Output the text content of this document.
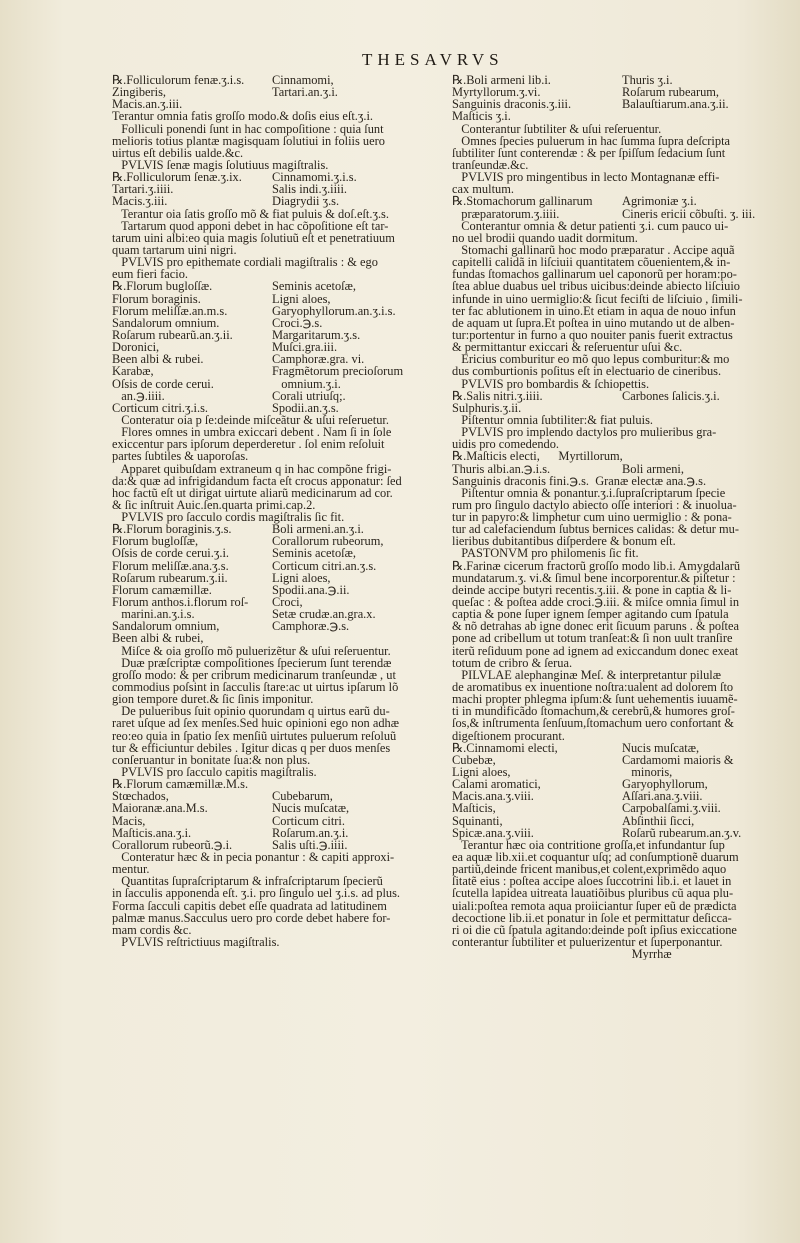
THESAVRVS
℞.Folliculorum fenæ.ʒ.i.s.	Cinnamomi,
Zingiberis,	Tartari.an.ʒ.i.
Macis.an.ʒ.iii.
Terantur omnia fatis groſſo modo.& doſis eius eſt.ʒ.i.
Folliculi ponendi ſunt in hac compoſitione : quia ſunt
melioris totius plantæ magisquam ſolutiui in foliis uero
uirtus eſt debilis ualde.&c.
PVLVIS ſenæ magis ſolutiuus magiſtralis.
℞.Folliculorum ſenæ.ʒ.ix.	Cinnamomi.ʒ.i.s.
Tartari.ʒ.iiii.	Salis indi.ʒ.iiii.
Macis.ʒ.iii.	Diagrydii ʒ.s.
Terantur oia ſatis groſſo mõ & fiat puluis & doſ.eſt.ʒ.s.
Tartarum quod apponi debet in hac cõpoſitione eſt tar-
tarum uini albi:eo quia magis ſolutiuũ eſt et penetratiuum
quam tartarum uini nigri.
PVLVIS pro epithemate cordiali magiſtralis : & ego
eum fieri facio.
℞.Florum bugloſſæ.	Seminis acetoſæ,
Florum boraginis.	Ligni aloes,
Florum meliſſæ.an.m.s.	Garyophyllorum.an.ʒ.i.s.
Sandalorum omnium.	Croci.℈.s.
Roſarum rubearũ.an.ʒ.ii.	Margaritarum.ʒ.s.
Doronici,	Muſci.gra.iii.
Been albi & rubei.	Camphoræ.gra. vi.
Karabæ,	Fragmẽtorum precioſorum
Oſsis de corde cerui.	omnium.ʒ.i.
an.℈.iiii.	Corali utriuſq;.
Corticum citri.ʒ.i.s.	Spodii.an.ʒ.s.
Conteratur oia p ſe:deinde miſceãtur & uſui reſeruetur.
Flores omnes in umbra exiccari debent . Nam ſi in ſole
exiccentur pars ipſorum deperderetur . ſol enim reſoluit
partes ſubtiles & uaporoſas.
Apparet quibuſdam extraneum q in hac compõne frigi-
da:& quæ ad infrigidandum facta eſt crocus apponatur: ſed
hoc factũ eſt ut dirigat uirtute aliarũ medicinarum ad cor.
& ſic inſtruit Auic.ſen.quarta primi.cap.2.
PVLVIS pro ſacculo cordis magiſtralis ſic fit.
℞.Florum boraginis.ʒ.s.	Boli armeni.an.ʒ.i.
Florum bugloſſæ,	Corallorum rubeorum,
Oſsis de corde cerui.ʒ.i.	Seminis acetoſæ,
Florum meliſſæ.ana.ʒ.s.	Corticum citri.an.ʒ.s.
Roſarum rubearum.ʒ.ii.	Ligni aloes,
Florum camæmillæ.	Spodii.ana.℈.ii.
Florum anthos.i.florum roſ-	Croci,
marini.an.ʒ.i.s.	Setæ crudæ.an.gra.x.
Sandalorum omnium,	Camphoræ.℈.s.
Been albi & rubei,
Miſce & oia groſſo mõ puluerizẽtur & uſui reſeruentur.
Duæ præſcriptæ compoſitiones ſpecierum ſunt terendæ
groſſo modo: & per cribrum medicinarum tranſeundæ , ut
commodius poſsint in ſacculis ſtare:ac ut uirtus ipſarum lõ
gion tempore duret.& ſic ſinis imponitur.
De pulueribus ſuit opinio quorundam q uirtus earũ du-
raret uſque ad ſex menſes.Sed huic opinioni ego non adhæ
reo:eo quia in ſpatio ſex menſiũ uirtutes puluerum reſoluũ
tur & efficiuntur debiles . Igitur dicas q per duos menſes
conſeruantur in bonitate ſua:& non plus.
PVLVIS pro ſacculo capitis magiſtralis.
℞.Florum camæmillæ.M.s.
Stœchados,	Cubebarum,
Maioranæ.ana.M.s.	Nucis muſcatæ,
Macis,	Corticum citri.
Maſticis.ana.ʒ.i.	Roſarum.an.ʒ.i.
Corallorum rubeorũ.℈.i.	Salis uſti.℈.iiii.
Conteratur hæc & in pecia ponantur : & capiti approxi-
mentur.
Quantitas ſupraſcriptarum & infraſcriptarum ſpecierũ
in ſacculis apponenda eſt. ʒ.i. pro ſingulo uel ʒ.i.s. ad plus.
Forma ſacculi capitis debet eſſe quadrata ad latitudinem
palmæ manus.Sacculus uero pro corde debet habere for-
mam cordis &c.
PVLVIS reſtrictiuus magiſtralis.
℞.Boli armeni lib.i.	Thuris ʒ.i.
Myrtyllorum.ʒ.vi.	Roſarum rubearum,
Sanguinis draconis.ʒ.iii.	Balauſtiarum.ana.ʒ.ii.
Maſticis ʒ.i.
Conterantur ſubtiliter & uſui reſeruentur.
Omnes ſpecies puluerum in hac ſumma ſupra deſcripta
ſubtiliter ſunt conterendæ : & per ſpiſſum ſedacium ſunt
tranſeundæ.&c.
PVLVIS pro mingentibus in lecto Montagnanæ effi-
cax multum.
℞.Stomachorum gallinarum	Agrimoniæ ʒ.i.
præparatorum.ʒ.iiii.	Cineris ericii cõbuſti. ʒ. iii.
Conterantur omnia & detur patienti ʒ.i. cum pauco ui-
no uel brodii quando uadit dormitum.
Stomachi gallinarũ hoc modo præparatur . Accipe aquã
capitelli calidã in liſciuii quantitatem cõuenientem,& in-
fundas ſtomachos gallinarum uel caponorũ per horam:po-
ſtea ablue duabus uel tribus uicibus:deinde abiecto liſciuio
infunde in uino uermiglio:& ſicut feciſti de liſciuio , ſimili-
ter fac ablutionem in uino.Et etiam in aqua de nouo infun
de aquam ut ſupra.Et poſtea in uino mutando ut de alben-
tur:portentur in furno a quo nouiter panis fuerit extractus
& permittantur exiccari & reſeruentur uſui &c.
Ericius comburitur eo mõ quo lepus comburitur:& mo
dus comburtionis poſitus eſt in electuario de cineribus.
PVLVIS pro bombardis & ſchiopettis.
℞.Salis nitri.ʒ.iiii.	Carbones ſalicis.ʒ.i.
Sulphuris.ʒ.ii.
Piſtentur omnia ſubtiliter:& fiat puluis.
PVLVIS pro implendo dactylos pro mulieribus gra-
uidis pro comedendo.
℞.Maſticis electi,      Myrtillorum,
Thuris albi.an.℈.i.s.	Boli armeni,
Sanguinis draconis fini.℈.s.  Granæ electæ ana.℈.s.
Piſtentur omnia & ponantur.ʒ.i.ſupraſcriptarum ſpecie
rum pro ſingulo dactylo abiecto oſſe interiori : & inuolua-
tur in papyro:& limphetur cum uino uermiglio : & pona-
tur ad calefaciendum ſubtus bernices calidas: & detur mu-
lieribus dubitantibus diſperdere & bonum eſt.
PASTONVM pro philomenis ſic fit.
℞.Farinæ cicerum fractorũ groſſo modo lib.i. Amygdalarũ
mundatarum.ʒ. vi.& ſimul bene incorporentur.& piſtetur :
deinde accipe butyri recentis.ʒ.iii. & pone in captia & li-
queſac : & poſtea adde croci.℈.iii. & miſce omnia ſimul in
captia & pone ſuper ignem ſemper agitando cum ſpatula
& nõ detrahas ab igne donec erit ſicuum paruns . & poſtea
pone ad cribellum ut totum tranſeat:& ſi non uult tranſire
iterũ reſiduum pone ad ignem ad exiccandum donec exeat
totum de cribro & ſerua.
PILVLAE alephanginæ Meſ. & interpretantur pilulæ
de aromatibus ex inuentione noſtra:ualent ad dolorem ſto
machi propter phlegma ipſum:& ſunt uehementis iuuamẽ-
ti in mundificãdo ſtomachum,& cerebrũ,& humores groſ-
ſos,& inſtrumenta ſenſuum,ſtomachum uero confortant &
digeſtionem procurant.
℞.Cinnamomi electi,	Nucis muſcatæ,
Cubebæ,	Cardamomi maioris &
Ligni aloes,	minoris,
Calami aromatici,	Garyophyllorum,
Macis.ana.ʒ.viii.	Aſſari.ana.ʒ.viii.
Maſticis,	Carpobalſami.ʒ.viii.
Squinanti,	Abſinthii ſicci,
Spicæ.ana.ʒ.viii.	Roſarũ rubearum.an.ʒ.v.
Terantur hæc oia contritione groſſa,et infundantur ſup
ea aquæ lib.xii.et coquantur uſq; ad conſumptionẽ duarum
partiũ,deinde fricent manibus,et colent,exprimẽdo aquo
ſitatẽ eius : poſtea accipe aloes ſuccotrini lib.i. et lauet in
ſcutella lapidea uitreata lauatiõibus pluribus cũ aqua plu-
uiali:poſtea remota aqua proiiciantur ſuper eũ de prædicta
decoctione lib.ii.et ponatur in ſole et permittatur deſicca-
ri oi die cũ ſpatula agitando:deinde poſt ipſius exiccatione
conterantur ſubtiliter et puluerizentur et ſuperponantur.
Myrrhæ
